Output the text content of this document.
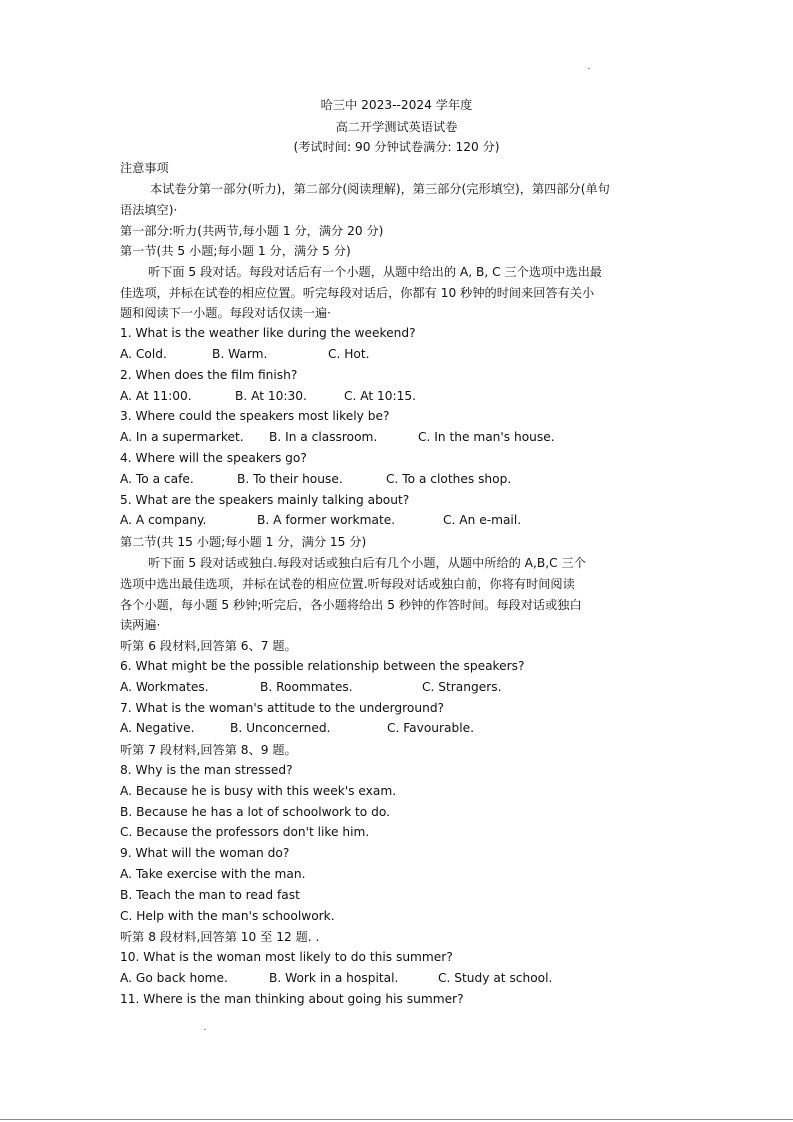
哈三中 2023--2024 学年度
高二开学测试英语试卷
(考试时间: 90 分钟试卷满分: 120 分)
注意事项
本试卷分第一部分(听力)，第二部分(阅读理解)，第三部分(完形填空)，第四部分(单句
语法填空)·
第一部分:听力(共两节,每小题 1 分，满分 20 分)
第一节(共 5 小题;每小题 1 分，满分 5 分)
听下面 5 段对话。每段对话后有一个小题，从题中给出的 A, B, C 三个选项中选出最
佳选项，并标在试卷的相应位置。听完每段对话后，你都有 10 秒钟的时间来回答有关小
题和阅读下一小题。每段对话仅读一遍·
1. What is the weather like during the weekend?
A. Cold.	B. Warm.	C. Hot.
2. When does the film finish?
A. At 11:00.	B. At 10:30.	C. At 10:15.
3. Where could the speakers most likely be?
A. In a supermarket. B. In a classroom.	C. In the man's house.
4. Where will the speakers go?
A. To a cafe.	B. To their house.	C. To a clothes shop.
5. What are the speakers mainly talking about?
A. A company.	B. A former workmate.	C. An e-mail.
第二节(共 15 小题;每小题 1 分，满分 15 分)
听下面 5 段对话或独白.每段对话或独白后有几个小题，从题中所给的 A,B,C 三个
选项中选出最佳选项，并标在试卷的相应位置.听每段对话或独白前，你将有时间阅读
各个小题，每小题 5 秒钟;听完后，各小题将给出 5 秒钟的作答时间。每段对话或独白
读两遍·
听第 6 段材料,回答第 6、7 题。
6. What might be the possible relationship between the speakers?
A. Workmates.	B. Roommates.	C. Strangers.
7. What is the woman's attitude to the underground?
A. Negative.	B. Unconcerned.	C. Favourable.
听第 7 段材料,回答第 8、9 题。
8. Why is the man stressed?
A. Because he is busy with this week's exam.
B. Because he has a lot of schoolwork to do.
C. Because the professors don't like him.
9. What will the woman do?
A. Take exercise with the man.
B. Teach the man to read fast
C. Help with the man's schoolwork.
听第 8 段材料,回答第 10 至 12 题. .
10. What is the woman most likely to do this summer?
A. Go back home.	B. Work in a hospital.	C. Study at school.
11. Where is the man thinking about going his summer?
